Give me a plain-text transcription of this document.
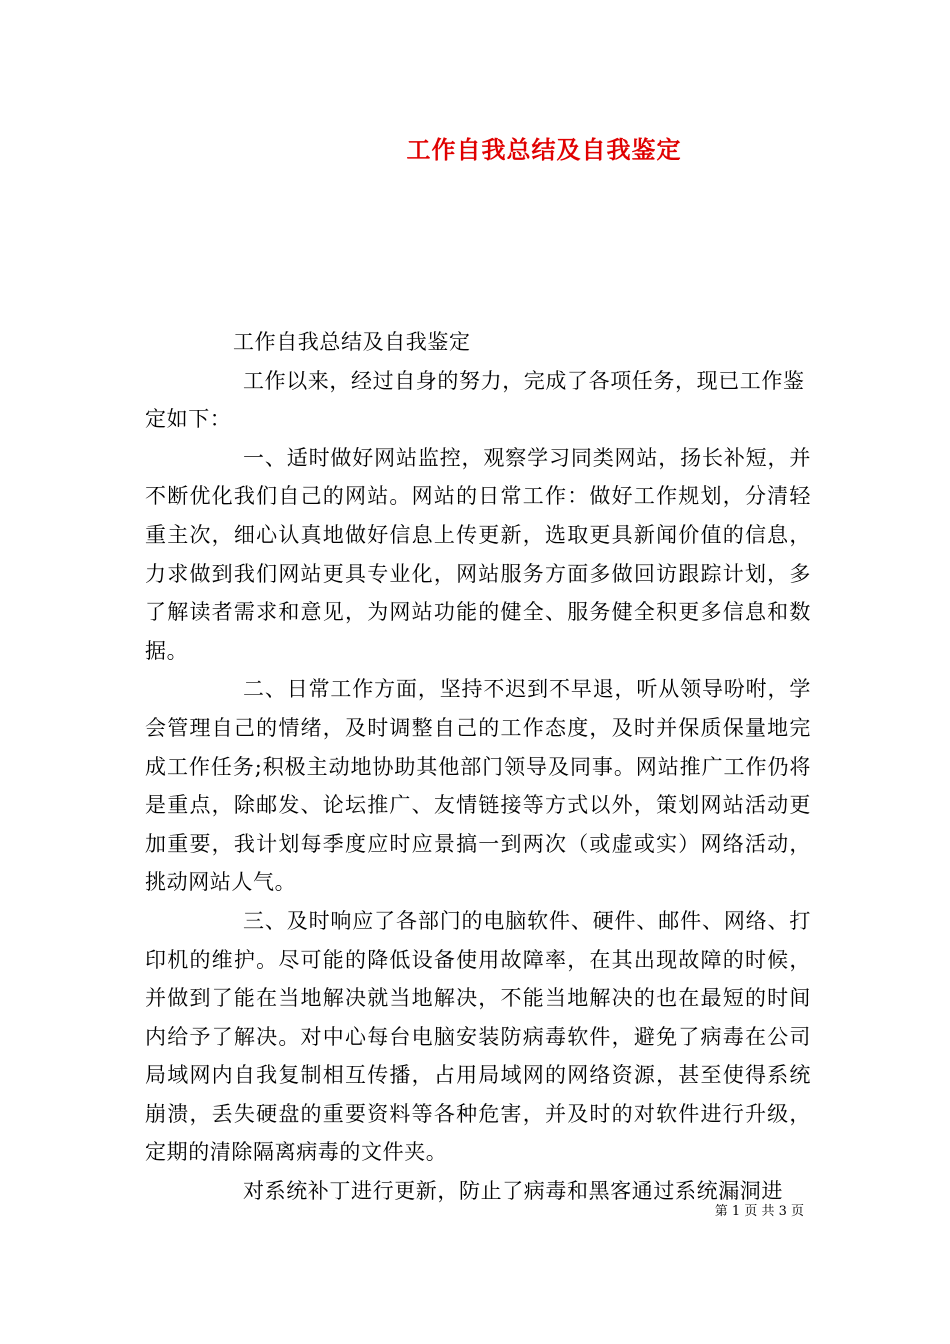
工作自我总结及自我鉴定

工作自我总结及自我鉴定

工作以来，经过自身的努力，完成了各项任务，现已工作鉴定如下：

一、适时做好网站监控，观察学习同类网站，扬长补短，并不断优化我们自己的网站。网站的日常工作：做好工作规划，分清轻重主次，细心认真地做好信息上传更新，选取更具新闻价值的信息，力求做到我们网站更具专业化，网站服务方面多做回访跟踪计划，多了解读者需求和意见，为网站功能的健全、服务健全积更多信息和数据。

二、日常工作方面，坚持不迟到不早退，听从领导吩咐，学会管理自己的情绪，及时调整自己的工作态度，及时并保质保量地完成工作任务;积极主动地协助其他部门领导及同事。网站推广工作仍将是重点，除邮发、论坛推广、友情链接等方式以外，策划网站活动更加重要，我计划每季度应时应景搞一到两次（或虚或实）网络活动，挑动网站人气。

三、及时响应了各部门的电脑软件、硬件、邮件、网络、打印机的维护。尽可能的降低设备使用故障率，在其出现故障的时候，并做到了能在当地解决就当地解决，不能当地解决的也在最短的时间内给予了解决。对中心每台电脑安装防病毒软件，避免了病毒在公司局域网内自我复制相互传播，占用局域网的网络资源，甚至使得系统崩溃，丢失硬盘的重要资料等各种危害，并及时的对软件进行升级，定期的清除隔离病毒的文件夹。

对系统补丁进行更新，防止了病毒和黑客通过系统漏洞进

第 1 页 共 3 页
